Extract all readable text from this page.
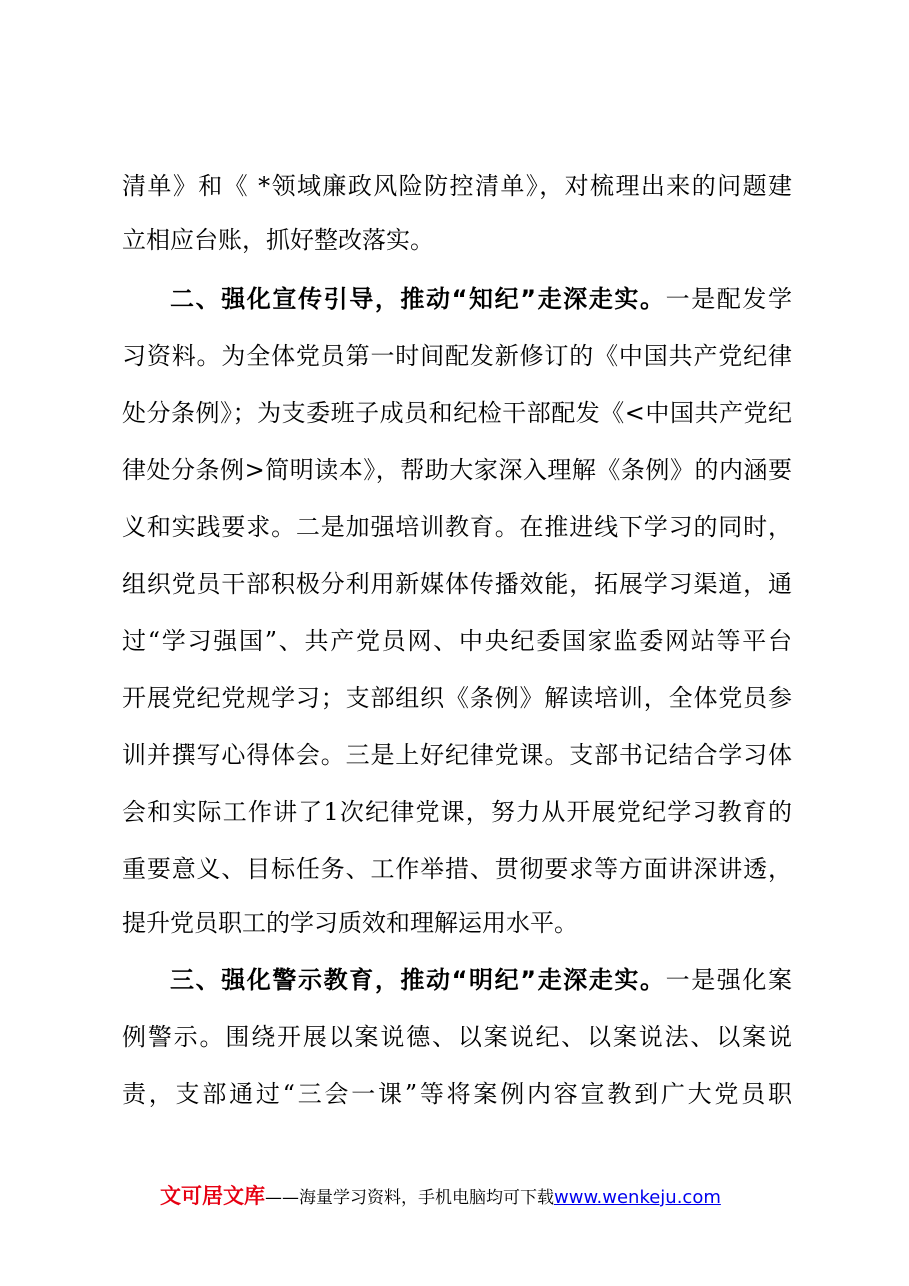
清单》和《 *领域廉政风险防控清单》，对梳理出来的问题建
立相应台账，抓好整改落实。
二、强化宣传引导，推动“知纪”走深走实。一是配发学
习资料。为全体党员第一时间配发新修订的《中国共产党纪律
处分条例》；为支委班子成员和纪检干部配发《<中国共产党纪
律处分条例>简明读本》，帮助大家深入理解《条例》的内涵要
义和实践要求。二是加强培训教育。在推进线下学习的同时，
组织党员干部积极分利用新媒体传播效能，拓展学习渠道，通
过“学习强国”、共产党员网、中央纪委国家监委网站等平台
开展党纪党规学习；支部组织《条例》解读培训，全体党员参
训并撰写心得体会。三是上好纪律党课。支部书记结合学习体
会和实际工作讲了1次纪律党课，努力从开展党纪学习教育的
重要意义、目标任务、工作举措、贯彻要求等方面讲深讲透，
提升党员职工的学习质效和理解运用水平。
三、强化警示教育，推动“明纪”走深走实。一是强化案
例警示。围绕开展以案说德、以案说纪、以案说法、以案说
责，支部通过“三会一课”等将案例内容宣教到广大党员职
文可居文库——海量学习资料，手机电脑均可下载www.wenkeju.com
